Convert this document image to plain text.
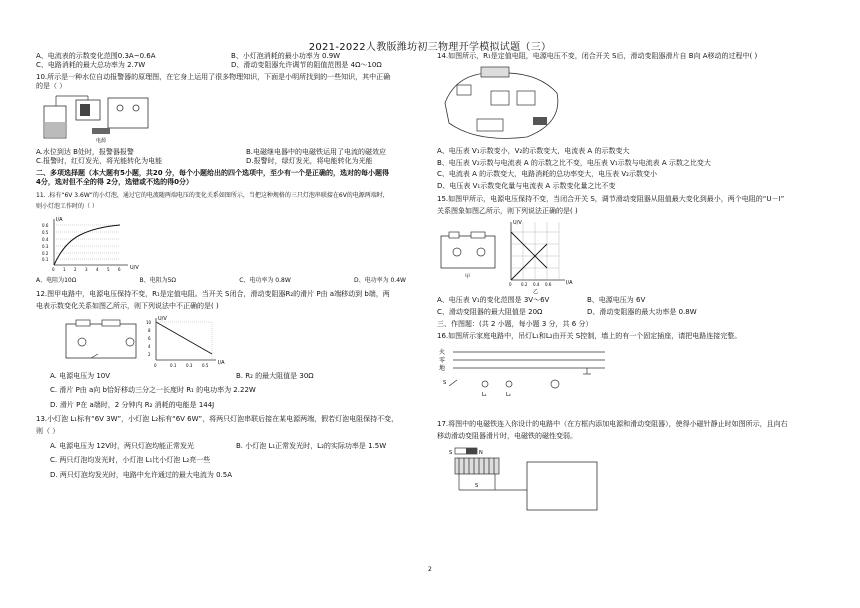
2021-2022人教版潍坊初三物理开学模拟试题（三）
A、电流表的示数变化范围0.3A~0.6A	B、小灯泡消耗的最小功率为 0.9W
C、电路消耗的最大总功率为 2.7W	D、滑动变阻器允许调节的阻值范围是 4Ω～10Ω
10.所示是一种水位自动报警器的原理图，在它身上运用了很多物理知识，下面是小明所找到的一些知识，其中正确
的是（ ）
电源
A.水位到达 B处时，报警器报警	B.电磁继电器中的电磁铁运用了电流的磁效应
C.报警时，红灯发光，将光能转化为电能	D.报警时，绿灯发光，将电能转化为光能
二、多项选择题（本大题有5小题，共20 分，每个小题给出的四个选项中，至少有一个是正确的，选对的每小题得
4分，选对但不全的得 2分，选错或不选的得0分）
11. .标有“6V 3.6W”的小灯泡，通过它的电流随两端电压的变化关系如图所示，当把这种规格的三只灯泡串联接在6V的电源两端时，
则小灯泡工作时的（ ）
I/A
U/V
0.6
0.5
0.4
0.3
0.2
0.1
0 1 2 3 4 5 6
A、电阻为10Ω	B、电阻为5Ω	C、电功率为 0.8W	D、电功率为 0.4W
12.图甲电路中，电源电压保持不变，R₁是定值电阻。当开关 S闭合，滑动变阻器R₂的滑片 P由 a端移动到 b端，两
电表示数变化关系如图乙所示，则下列说法中不正确的是( )
U/V
I/A
10
8
6
4
2
0	0.1 0.3 0.5
A. 电源电压为 10V	B. R₂ 的最大阻值是 30Ω
C. 滑片 P由 a向 b恰好移动三分之一长度时 R₁ 的电功率为 2.22W
D. 滑片 P在 a端时，2 分钟内 R₂ 消耗的电能是 144J
13.小灯泡 L₁标有“6V 3W”，小灯泡 L₂标有“6V 6W”，将两只灯泡串联后接在某电源两端，假若灯泡电阻保持不变，
则（ ）
A. 电源电压为 12V时，两只灯泡均能正常发光	B. 小灯泡 L₁正常发光时，L₂的实际功率是 1.5W
C. 两只灯泡均发光时，小灯泡 L₁比小灯泡 L₂亮一些
D. 两只灯泡均发光时，电路中允许通过的最大电流为 0.5A
14.如图所示，R₁是定值电阻，电源电压不变，闭合开关 S后，滑动变阻器滑片自 B向 A移动的过程中( )
A、电压表 V₁示数变小，V₂的示数变大，电流表 A 的示数变大
B、电压表 V₂示数与电流表 A 的示数之比不变，电压表 V₁示数与电流表 A 示数之比变大
C、电流表 A 的示数变大，电路消耗的总功率变大，电压表 V₂示数变小
D、电压表 V₁示数变化量与电流表 A 示数变化量之比不变
15.如图甲所示，电源电压保持不变，当闭合开关 S，调节滑动变阻器从阻值最大变化到最小，两个电阻的“U－I”
关系图象如图乙所示，则下列说法正确的是( )
甲
U/V
I/A
0 0.2 0.4 0.6
乙
A、电压表 V₁的变化范围是 3V～6V	B、电源电压为 6V
C、滑动变阻器的最大阻值是 20Ω	D、滑动变阻器的最大功率是 0.8W
三、作图题：(共 2 小题，每小题 3 分，共 6 分）
16.如图所示家庭电路中，吊灯L₁和L₂由开关 S控制，墙上的有一个固定插座，请把电路连接完整。
火
零
地
S
L₁	L₂
17.将图中的电磁铁连入你设计的电路中（在方框内添加电源和滑动变阻器），使得小磁针静止时如图所示，且向右
移动滑动变阻器滑片时，电磁铁的磁性变弱。
S	N
S
2
